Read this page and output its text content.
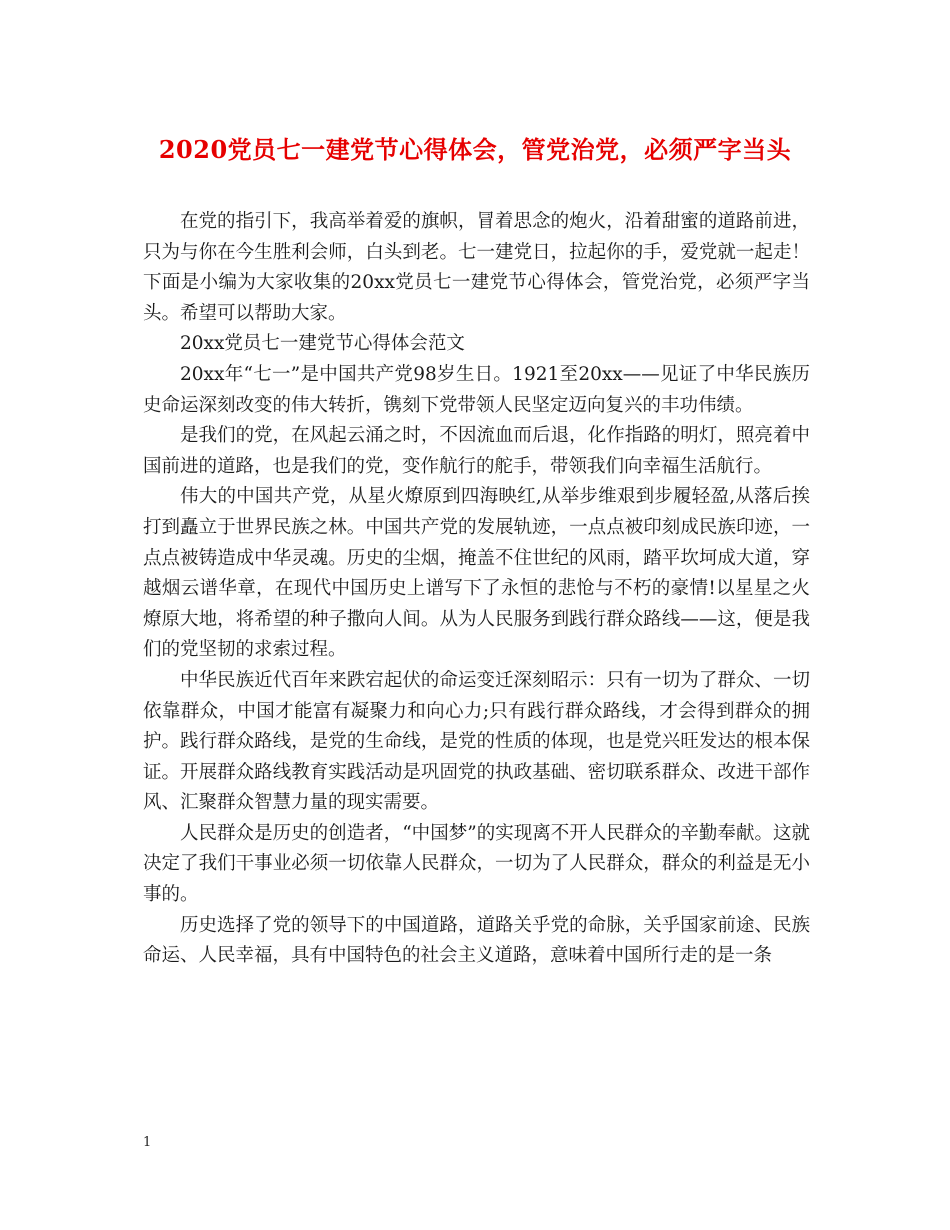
2020党员七一建党节心得体会，管党治党，必须严字当头

在党的指引下，我高举着爱的旗帜，冒着思念的炮火，沿着甜蜜的道路前进，只为与你在今生胜利会师，白头到老。七一建党日，拉起你的手，爱党就一起走！下面是小编为大家收集的20xx党员七一建党节心得体会，管党治党，必须严字当头。希望可以帮助大家。

20xx党员七一建党节心得体会范文

20xx年“七一”是中国共产党98岁生日。1921至20xx——见证了中华民族历史命运深刻改变的伟大转折，镌刻下党带领人民坚定迈向复兴的丰功伟绩。

是我们的党，在风起云涌之时，不因流血而后退，化作指路的明灯，照亮着中国前进的道路，也是我们的党，变作航行的舵手，带领我们向幸福生活航行。

伟大的中国共产党，从星火燎原到四海映红,从举步维艰到步履轻盈,从落后挨打到矗立于世界民族之林。中国共产党的发展轨迹，一点点被印刻成民族印迹，一点点被铸造成中华灵魂。历史的尘烟，掩盖不住世纪的风雨，踏平坎坷成大道，穿越烟云谱华章，在现代中国历史上谱写下了永恒的悲怆与不朽的豪情!以星星之火燎原大地，将希望的种子撒向人间。从为人民服务到践行群众路线——这，便是我们的党坚韧的求索过程。

中华民族近代百年来跌宕起伏的命运变迁深刻昭示：只有一切为了群众、一切依靠群众，中国才能富有凝聚力和向心力;只有践行群众路线，才会得到群众的拥护。践行群众路线，是党的生命线，是党的性质的体现，也是党兴旺发达的根本保证。开展群众路线教育实践活动是巩固党的执政基础、密切联系群众、改进干部作风、汇聚群众智慧力量的现实需要。

人民群众是历史的创造者，“中国梦”的实现离不开人民群众的辛勤奉献。这就决定了我们干事业必须一切依靠人民群众，一切为了人民群众，群众的利益是无小事的。

历史选择了党的领导下的中国道路，道路关乎党的命脉，关乎国家前途、民族命运、人民幸福，具有中国特色的社会主义道路，意味着中国所行走的是一条

1
